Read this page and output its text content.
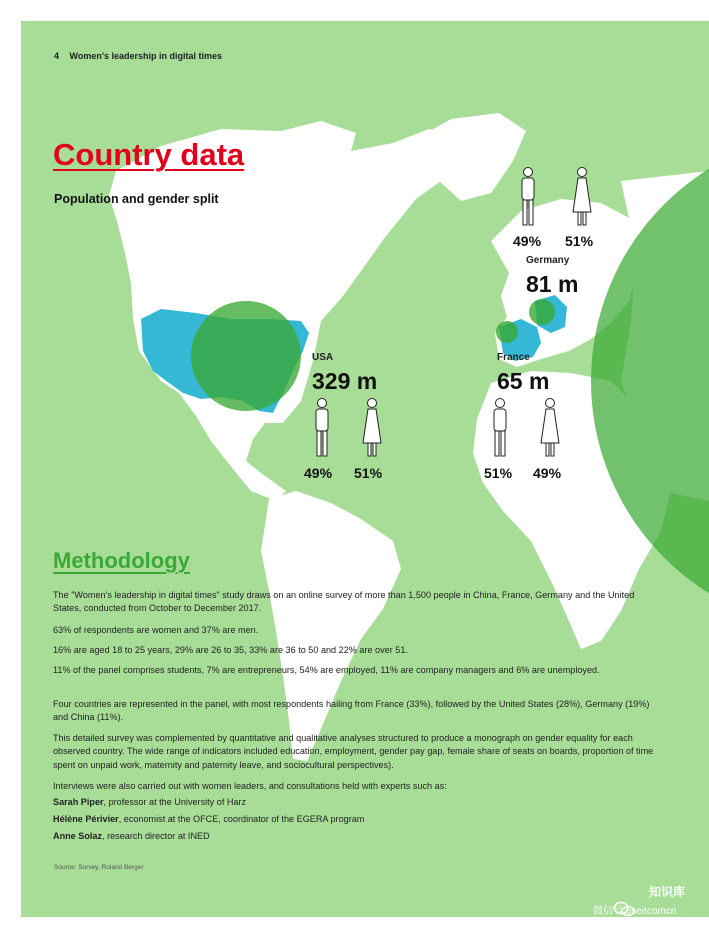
4 Women's leadership in digital times
Country data
Population and gender split
49% 51%
Germany
81 m
USA
329 m
49% 51%
France
65 m
51% 49%
Methodology

The "Women's leadership in digital times" study draws on an online survey of more than 1,500 people in China, France, Germany and the United States, conducted from October to December 2017.

63% of respondents are women and 37% are men.

16% are aged 18 to 25 years, 29% are 26 to 35, 33% are 36 to 50 and 22% are over 51.

11% of the panel comprises students, 7% are entrepreneurs, 54% are employed, 11% are company managers and 6% are unemployed.

Four countries are represented in the panel, with most respondents hailing from France (33%), followed by the United States (28%), Germany (19%) and China (11%).

This detailed survey was complemented by quantitative and qualitative analyses structured to produce a monograph on gender equality for each observed country. The wide range of indicators included education, employment, gender pay gap, female share of seats on boards, proportion of time spent on unpaid work, maternity and paternity leave, and sociocultural perspectives).

Interviews were also carried out with women leaders, and consultations held with experts such as:

Sarah Piper, professor at the University of Harz
Hélène Périvier, economist at the OFCE, coordinator of the EGERA program
Anne Solaz, research director at INED
Source: Survey, Roland Berger
知识库
微信号:useitcomcn
